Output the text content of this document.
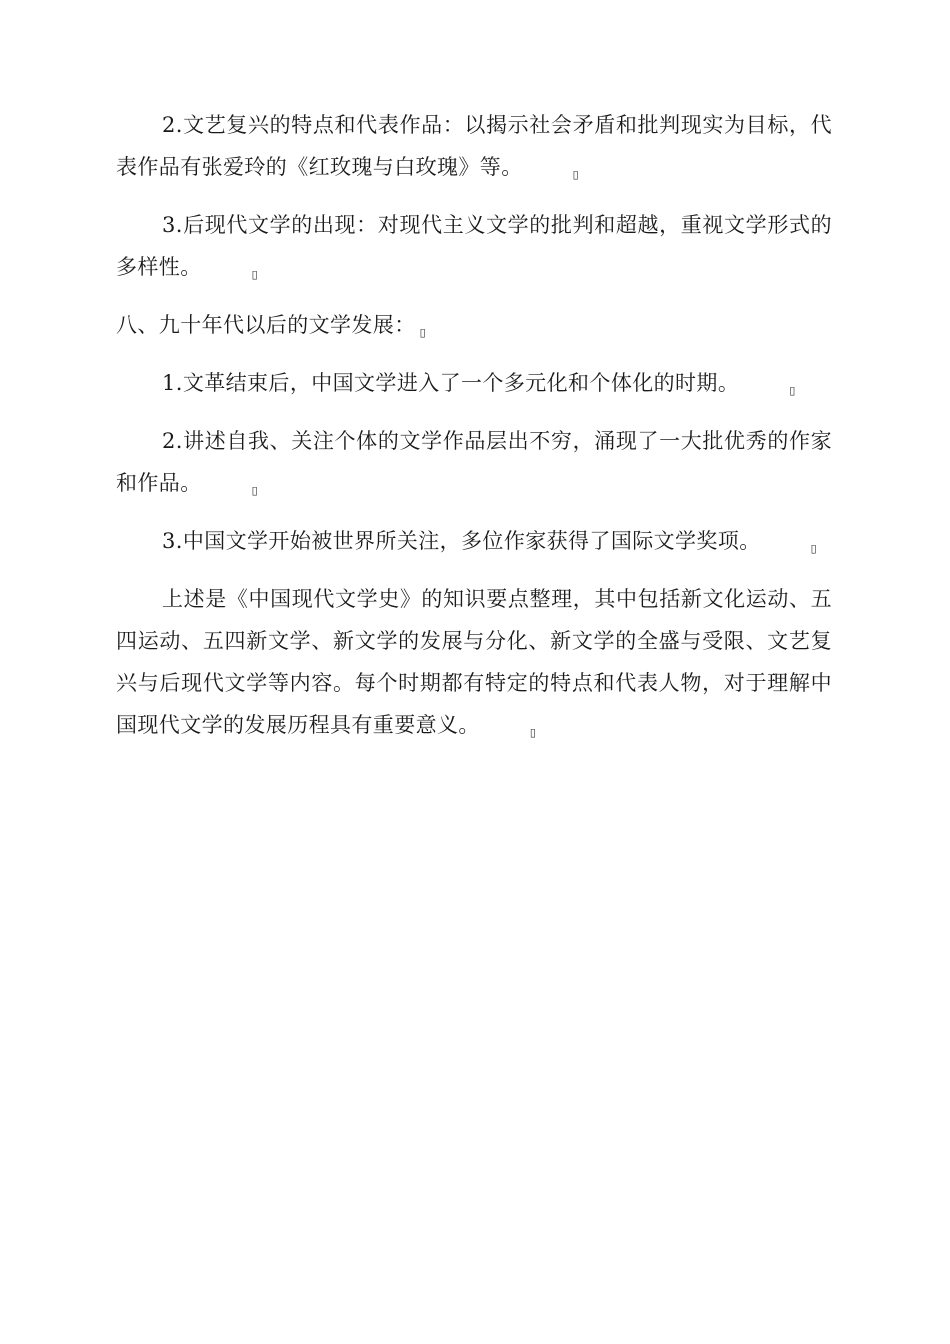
2.文艺复兴的特点和代表作品：以揭示社会矛盾和批判现实为目标，代表作品有张爱玲的《红玫瑰与白玫瑰》等。	▯

3.后现代文学的出现：对现代主义文学的批判和超越，重视文学形式的多样性。	▯

八、九十年代以后的文学发展： ▯

1.文革结束后，中国文学进入了一个多元化和个体化的时期。	▯

2.讲述自我、关注个体的文学作品层出不穷，涌现了一大批优秀的作家和作品。	▯

3.中国文学开始被世界所关注，多位作家获得了国际文学奖项。	▯

上述是《中国现代文学史》的知识要点整理，其中包括新文化运动、五四运动、五四新文学、新文学的发展与分化、新文学的全盛与受限、文艺复兴与后现代文学等内容。每个时期都有特定的特点和代表人物，对于理解中国现代文学的发展历程具有重要意义。	▯
